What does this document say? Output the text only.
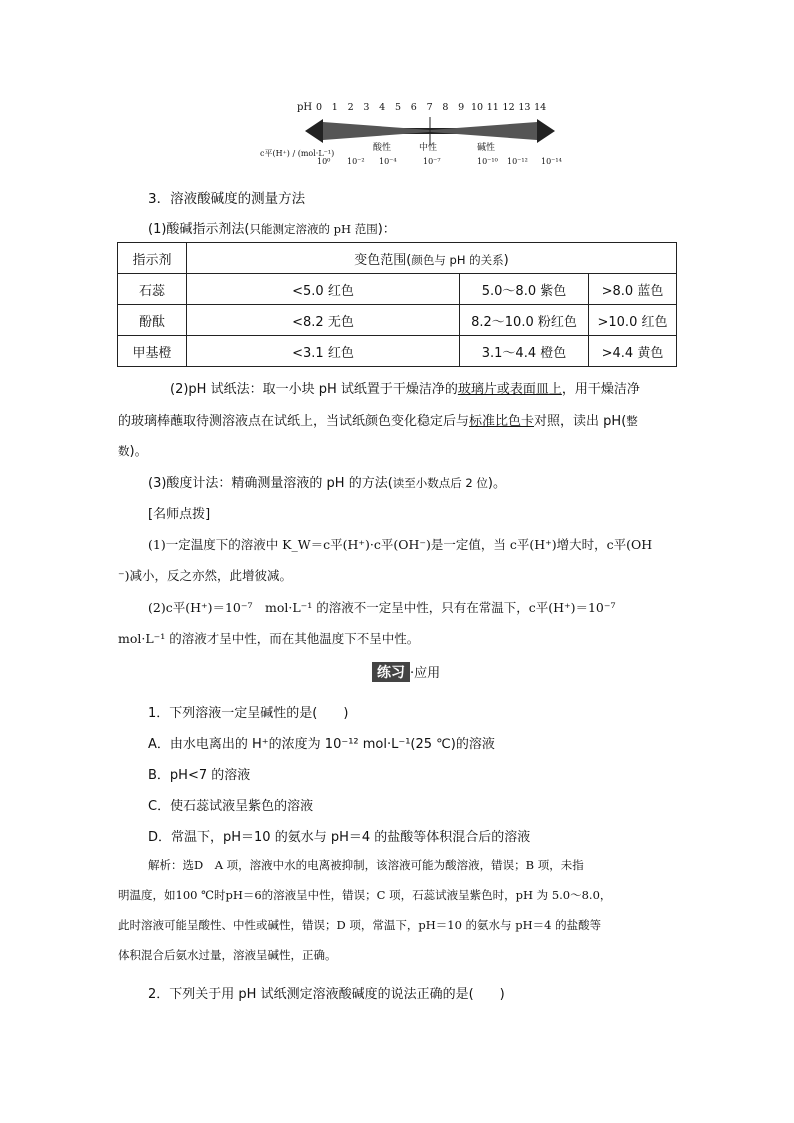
pH 0	1	2	3	4	5	6	7	8	9 10 11 12 13 14
c平(H⁺) / (mol·L⁻¹)
酸性	中性	碱性
10⁰ 10⁻² 10⁻⁴	10⁻⁷	10⁻¹⁰ 10⁻¹² 10⁻¹⁴
3．溶液酸碱度的测量方法
(1)酸碱指示剂法(只能测定溶液的 pH 范围)：
指示剂	变色范围(颜色与 pH 的关系)		
石蕊	<5.0 红色	5.0～8.0 紫色	>8.0 蓝色
酚酞	<8.2 无色	8.2～10.0 粉红色	>10.0 红色
甲基橙	<3.1 红色	3.1～4.4 橙色	>4.4 黄色
(2)pH 试纸法：取一小块 pH 试纸置于干燥洁净的玻璃片或表面皿上，用干燥洁净
的玻璃棒蘸取待测溶液点在试纸上，当试纸颜色变化稳定后与标准比色卡对照，读出 pH(整
数)。
(3)酸度计法：精确测量溶液的 pH 的方法(读至小数点后 2 位)。
[名师点拨]
(1)一定温度下的溶液中 K_W＝c平(H⁺)·c平(OH⁻)是一定值，当 c平(H⁺)增大时，c平(OH
⁻)减小，反之亦然，此增彼减。
(2)c平(H⁺)＝10⁻⁷　mol·L⁻¹ 的溶液不一定呈中性，只有在常温下，c平(H⁺)＝10⁻⁷
mol·L⁻¹ 的溶液才呈中性，而在其他温度下不呈中性。
练习 ·应用
1．下列溶液一定呈碱性的是(　　)
A．由水电离出的 H⁺的浓度为 10⁻¹² mol·L⁻¹(25 ℃)的溶液
B．pH<7 的溶液
C．使石蕊试液呈紫色的溶液
D．常温下，pH＝10 的氨水与 pH＝4 的盐酸等体积混合后的溶液
解析：选D　A 项，溶液中水的电离被抑制，该溶液可能为酸溶液，错误；B 项，未指
明温度，如100 ℃时pH＝6的溶液呈中性，错误；C 项，石蕊试液呈紫色时，pH 为 5.0～8.0，
此时溶液可能呈酸性、中性或碱性，错误；D 项，常温下，pH＝10 的氨水与 pH＝4 的盐酸等
体积混合后氨水过量，溶液呈碱性，正确。
2．下列关于用 pH 试纸测定溶液酸碱度的说法正确的是(　　)
